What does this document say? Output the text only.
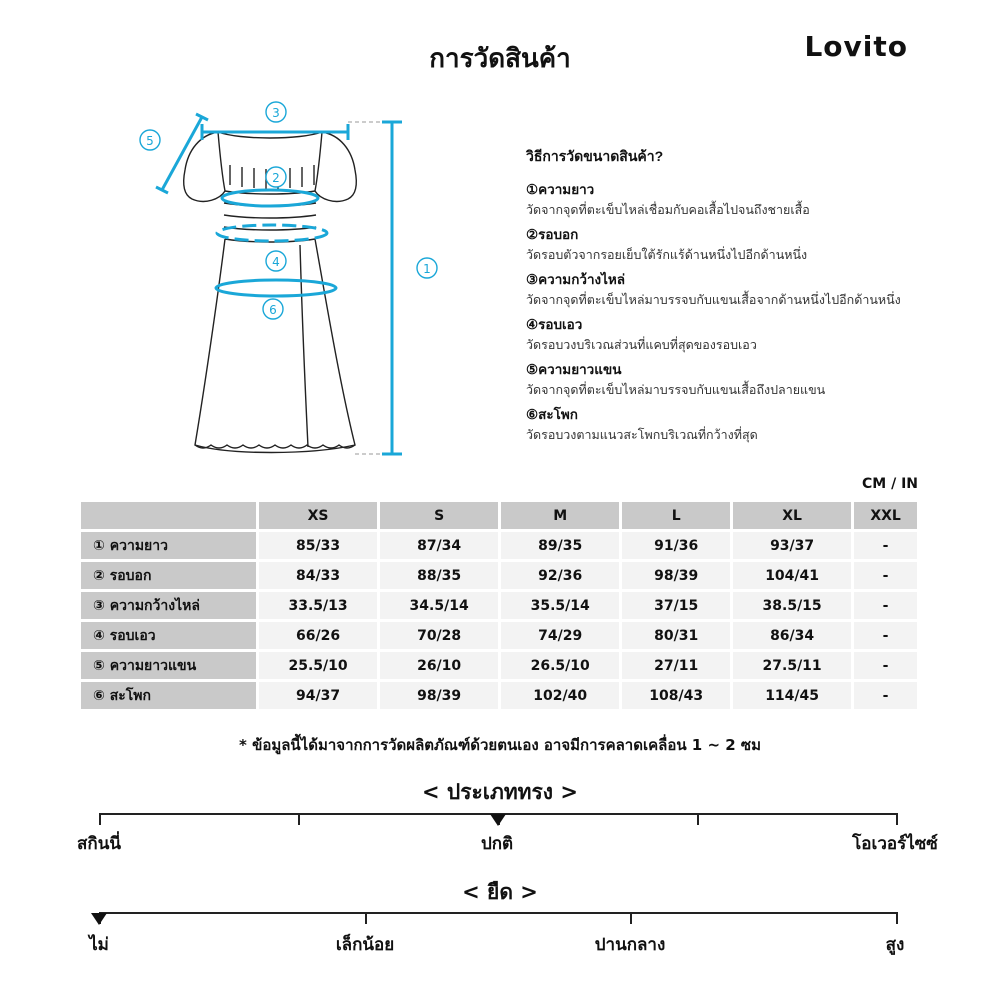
การวัดสินค้า	Lovito
3
5
2
4
6
1
วิธีการวัดขนาดสินค้า?
①ความยาว
วัดจากจุดที่ตะเข็บไหล่เชื่อมกับคอเสื้อไปจนถึงชายเสื้อ
②รอบอก
วัดรอบตัวจากรอยเย็บใต้รักแร้ด้านหนึ่งไปอีกด้านหนึ่ง
③ความกว้างไหล่
วัดจากจุดที่ตะเข็บไหล่มาบรรจบกับแขนเสื้อจากด้านหนึ่งไปอีกด้านหนึ่ง
④รอบเอว
วัดรอบวงบริเวณส่วนที่แคบที่สุดของรอบเอว
⑤ความยาวแขน
วัดจากจุดที่ตะเข็บไหล่มาบรรจบกับแขนเสื้อถึงปลายแขน
⑥สะโพก
วัดรอบวงตามแนวสะโพกบริเวณที่กว้างที่สุด
CM / IN
	XS	S	M	L	XL	XXL
① ความยาว	85/33	87/34	89/35	91/36	93/37	-
② รอบอก	84/33	88/35	92/36	98/39	104/41	-
③ ความกว้างไหล่	33.5/13	34.5/14	35.5/14	37/15	38.5/15	-
④ รอบเอว	66/26	70/28	74/29	80/31	86/34	-
⑤ ความยาวแขน	25.5/10	26/10	26.5/10	27/11	27.5/11	-
⑥ สะโพก	94/37	98/39	102/40	108/43	114/45	-
* ข้อมูลนี้ได้มาจากการวัดผลิตภัณฑ์ด้วยตนเอง อาจมีการคลาดเคลื่อน 1 ~ 2 ซม
< ประเภททรง >
สกินนี่	ปกติ	โอเวอร์ไซซ์
< ยืด >
ไม่	เล็กน้อย	ปานกลาง	สูง
